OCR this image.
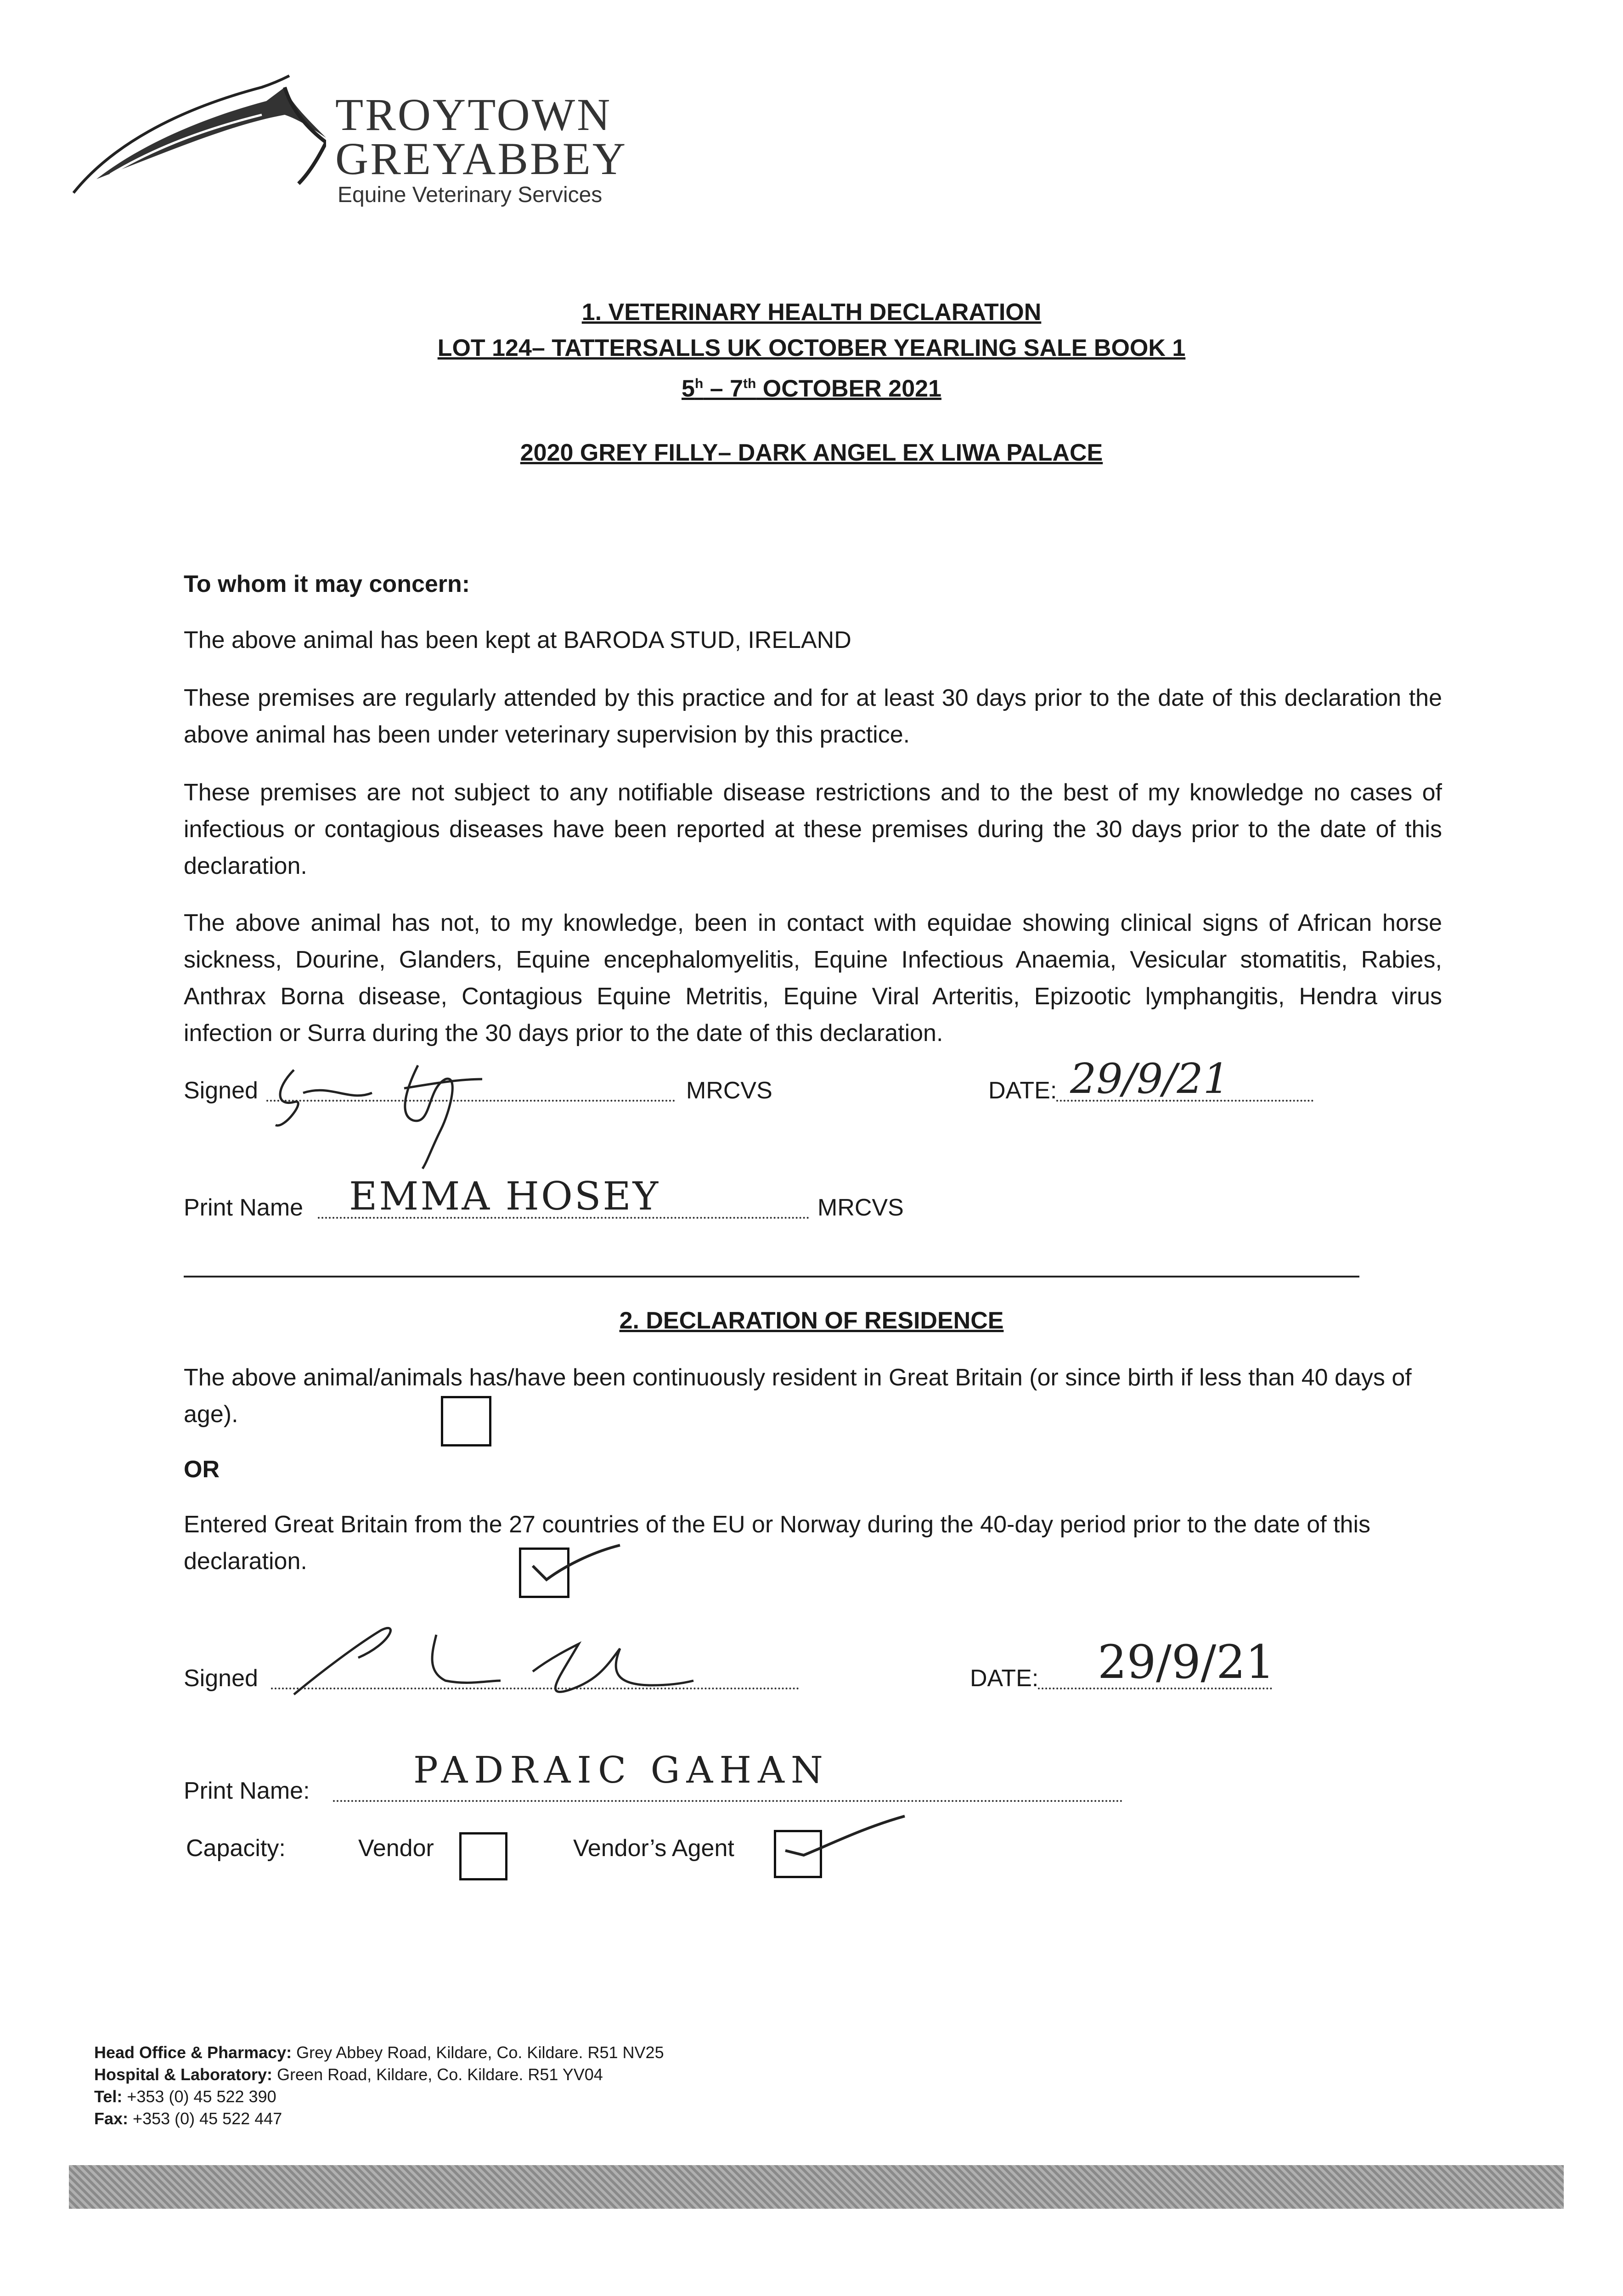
TROYTOWN
GREYABBEY
Equine Veterinary Services
1. VETERINARY HEALTH DECLARATION
LOT 124– TATTERSALLS UK OCTOBER YEARLING SALE BOOK 1
5$^h$ – 7th OCTOBER 2021
2020 GREY FILLY– DARK ANGEL EX LIWA PALACE
To whom it may concern:
The above animal has been kept at BARODA STUD, IRELAND
These premises are regularly attended by this practice and for at least 30 days prior to the date of this declaration the above animal has been under veterinary supervision by this practice.
These premises are not subject to any notifiable disease restrictions and to the best of my knowledge no cases of infectious or contagious diseases have been reported at these premises during the 30 days prior to the date of this declaration.
The above animal has not, to my knowledge, been in contact with equidae showing clinical signs of African horse sickness, Dourine, Glanders, Equine encephalomyelitis, Equine Infectious Anaemia, Vesicular stomatitis, Rabies, Anthrax Borna disease, Contagious Equine Metritis, Equine Viral Arteritis, Epizootic lymphangitis, Hendra virus infection or Surra during the 30 days prior to the date of this declaration.
Signed	MRCVS	DATE: 29/9/21
Print Name EMMA HOSEY	MRCVS
2. DECLARATION OF RESIDENCE
The above animal/animals has/have been continuously resident in Great Britain (or since birth if less than 40 days of age).
OR
Entered Great Britain from the 27 countries of the EU or Norway during the 40-day period prior to the date of this declaration.
Signed	DATE: 29/9/21
Print Name:	PADRAIC GAHAN
Capacity:	Vendor	Vendor’s Agent
Head Office & Pharmacy: Grey Abbey Road, Kildare, Co. Kildare. R51 NV25
Hospital & Laboratory: Green Road, Kildare, Co. Kildare. R51 YV04
Tel: +353 (0) 45 522 390
Fax: +353 (0) 45 522 447
